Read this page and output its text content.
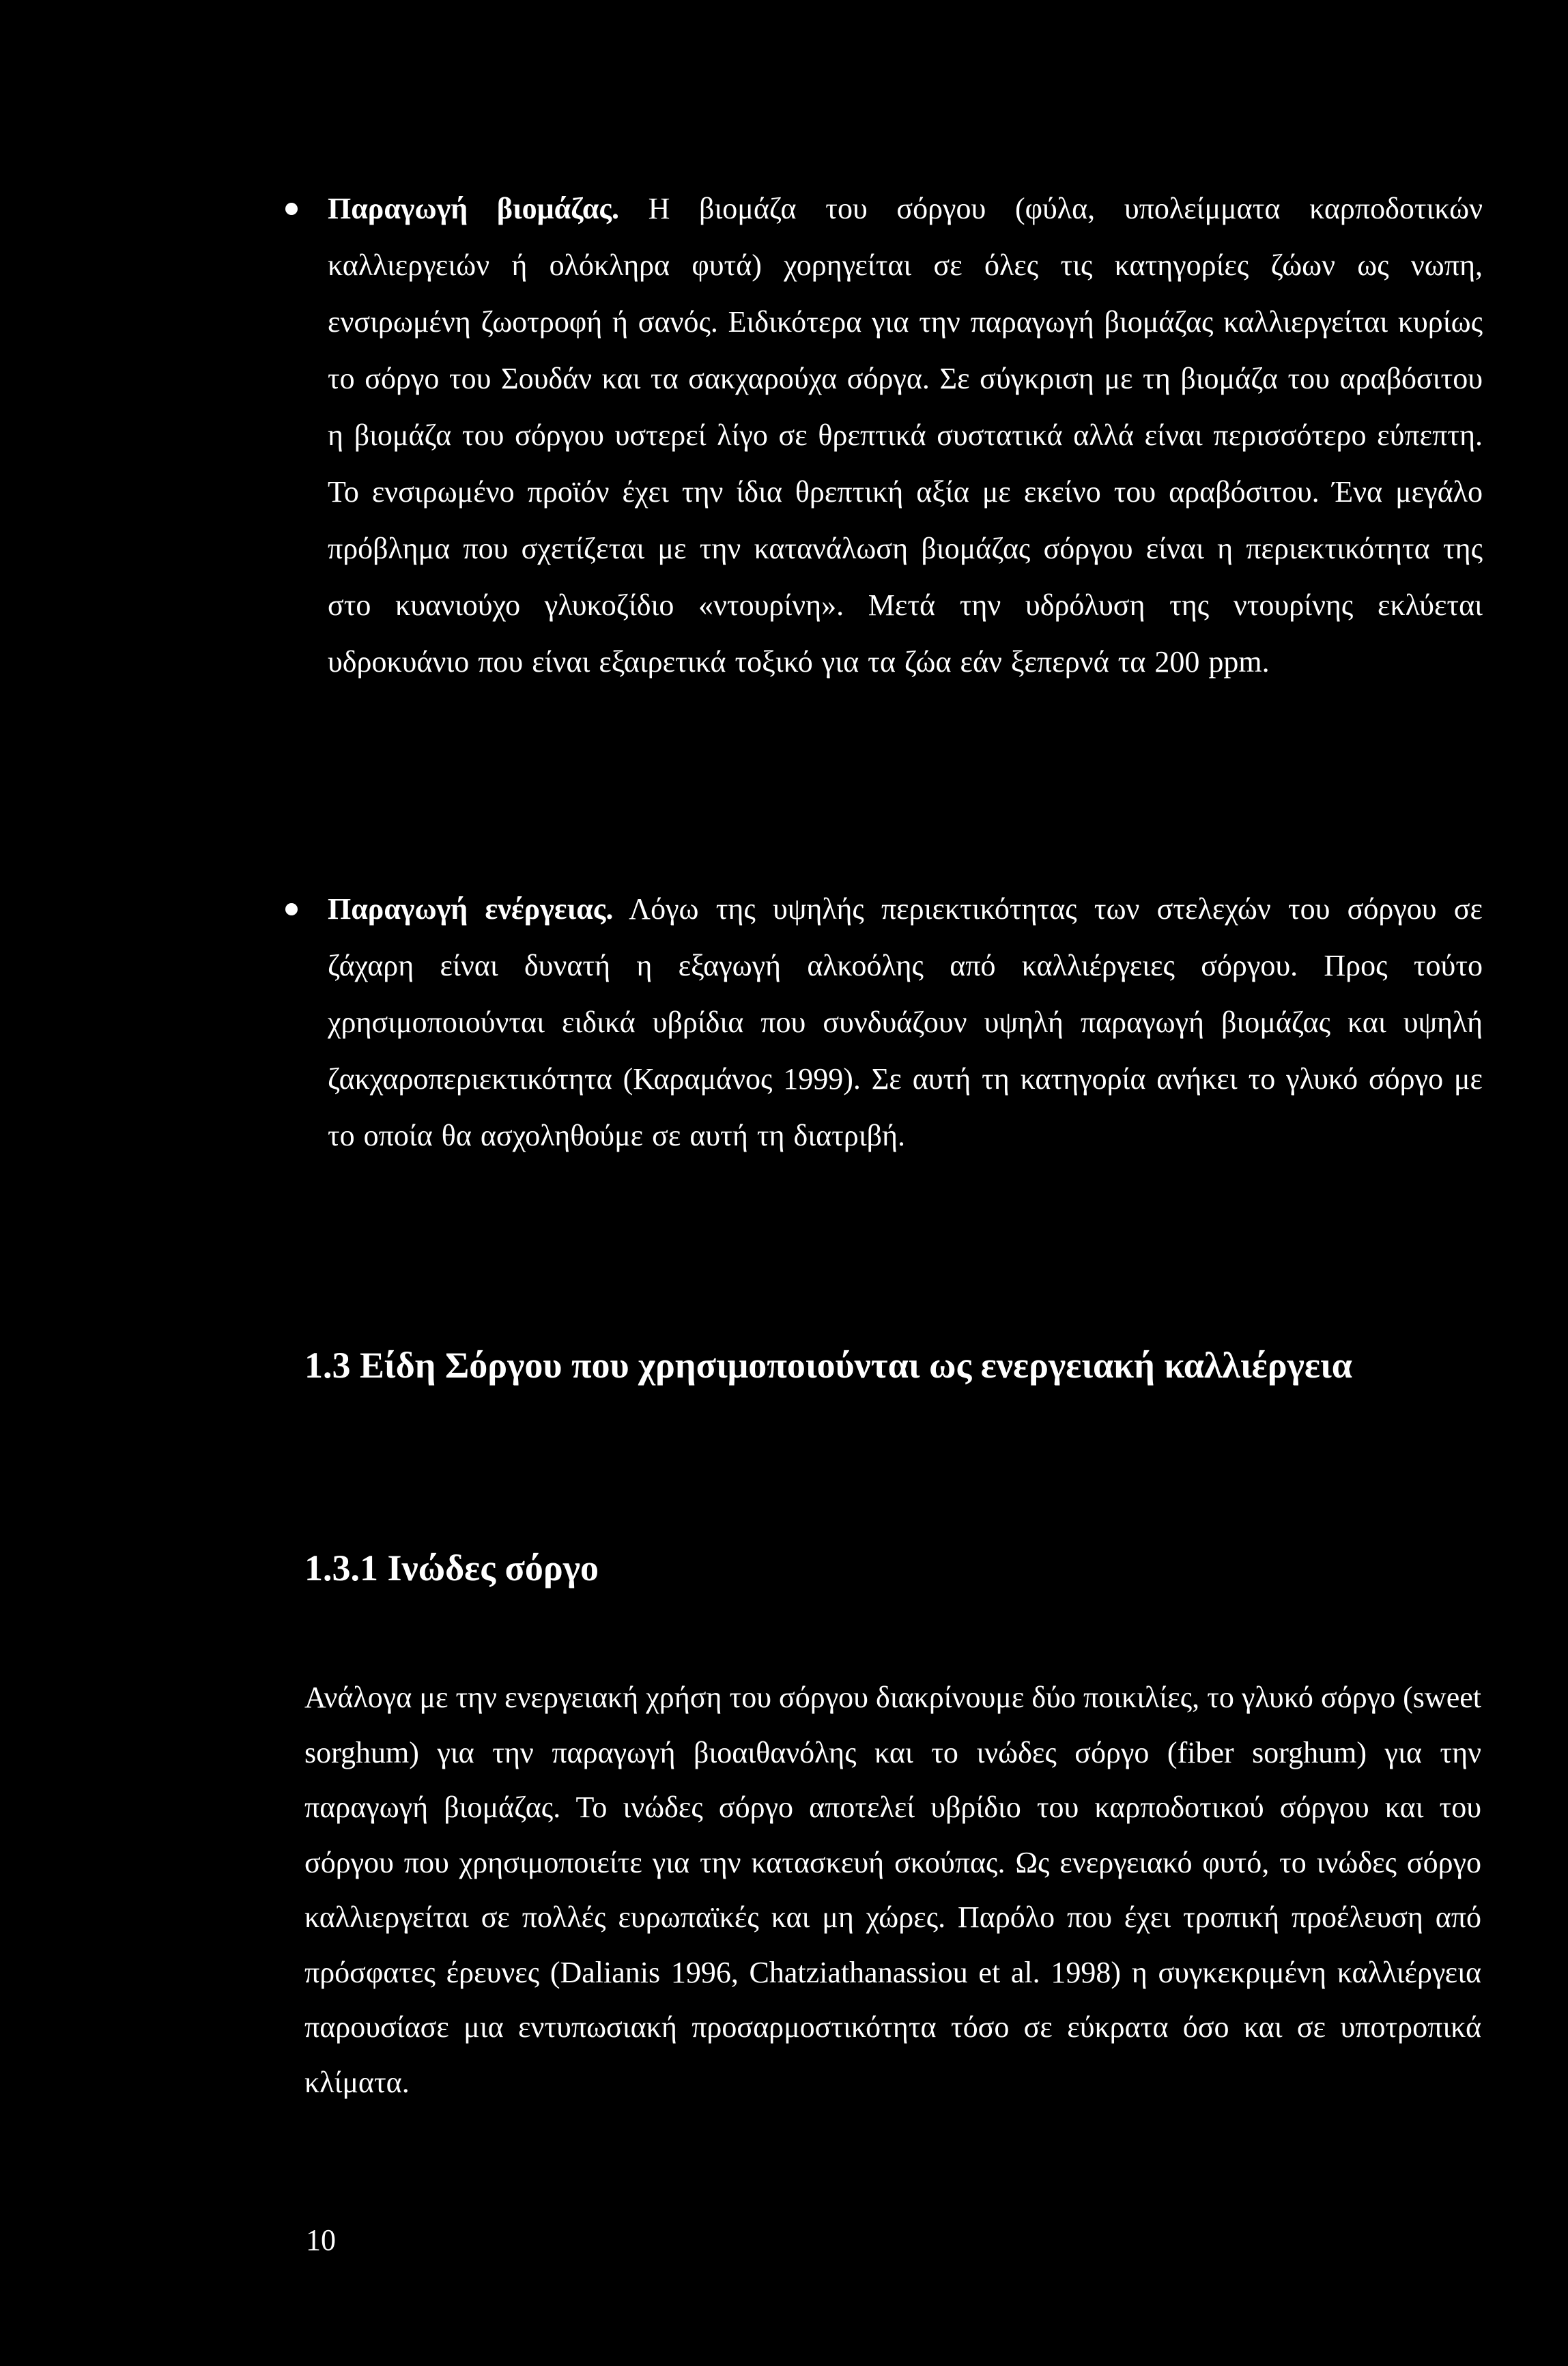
Παραγωγή βιομάζας. Η βιομάζα του σόργου (φύλα, υπολείμματα καρποδοτικών καλλιεργειών ή ολόκληρα φυτά) χορηγείται σε όλες τις κατηγορίες ζώων ως νωπη, ενσιρωμένη ζωοτροφή ή σανός. Ειδικότερα για την παραγωγή βιομάζας καλλιεργείται κυρίως το σόργο του Σουδάν και τα σακχαρούχα σόργα. Σε σύγκριση με τη βιομάζα του αραβόσιτου η βιομάζα του σόργου υστερεί λίγο σε θρεπτικά συστατικά αλλά είναι περισσότερο εύπεπτη. Το ενσιρωμένο προϊόν έχει την ίδια θρεπτική αξία με εκείνο του αραβόσιτου. Ένα μεγάλο πρόβλημα που σχετίζεται με την κατανάλωση βιομάζας σόργου είναι η περιεκτικότητα της στο κυανιούχο γλυκοζίδιο «ντουρίνη». Μετά την υδρόλυση της ντουρίνης εκλύεται υδροκυάνιο που είναι εξαιρετικά τοξικό για τα ζώα εάν ξεπερνά τα 200 ppm.

Παραγωγή ενέργειας. Λόγω της υψηλής περιεκτικότητας των στελεχών του σόργου σε ζάχαρη είναι δυνατή η εξαγωγή αλκοόλης από καλλιέργειες σόργου. Προς τούτο χρησιμοποιούνται ειδικά υβρίδια που συνδυάζουν υψηλή παραγωγή βιομάζας και υψηλή ζακχαροπεριεκτικότητα (Καραμάνος 1999). Σε αυτή τη κατηγορία ανήκει το γλυκό σόργο με το οποία θα ασχοληθούμε σε αυτή τη διατριβή.

1.3 Είδη Σόργου που χρησιμοποιούνται ως ενεργειακή καλλιέργεια
1.3.1 Ινώδες σόργο

Ανάλογα με την ενεργειακή χρήση του σόργου διακρίνουμε δύο ποικιλίες, το γλυκό σόργο (sweet sorghum) για την παραγωγή βιοαιθανόλης και το ινώδες σόργο (fiber sorghum) για την παραγωγή βιομάζας. Το ινώδες σόργο αποτελεί υβρίδιο του καρποδοτικού σόργου και του σόργου που χρησιμοποιείτε για την κατασκευή σκούπας. Ως ενεργειακό φυτό, το ινώδες σόργο καλλιεργείται σε πολλές ευρωπαϊκές και μη χώρες. Παρόλο που έχει τροπική προέλευση από πρόσφατες έρευνες (Dalianis 1996, Chatziathanassiou et al. 1998) η συγκεκριμένη καλλιέργεια παρουσίασε μια εντυπωσιακή προσαρμοστικότητα τόσο σε εύκρατα όσο και σε υποτροπικά κλίματα.

10
